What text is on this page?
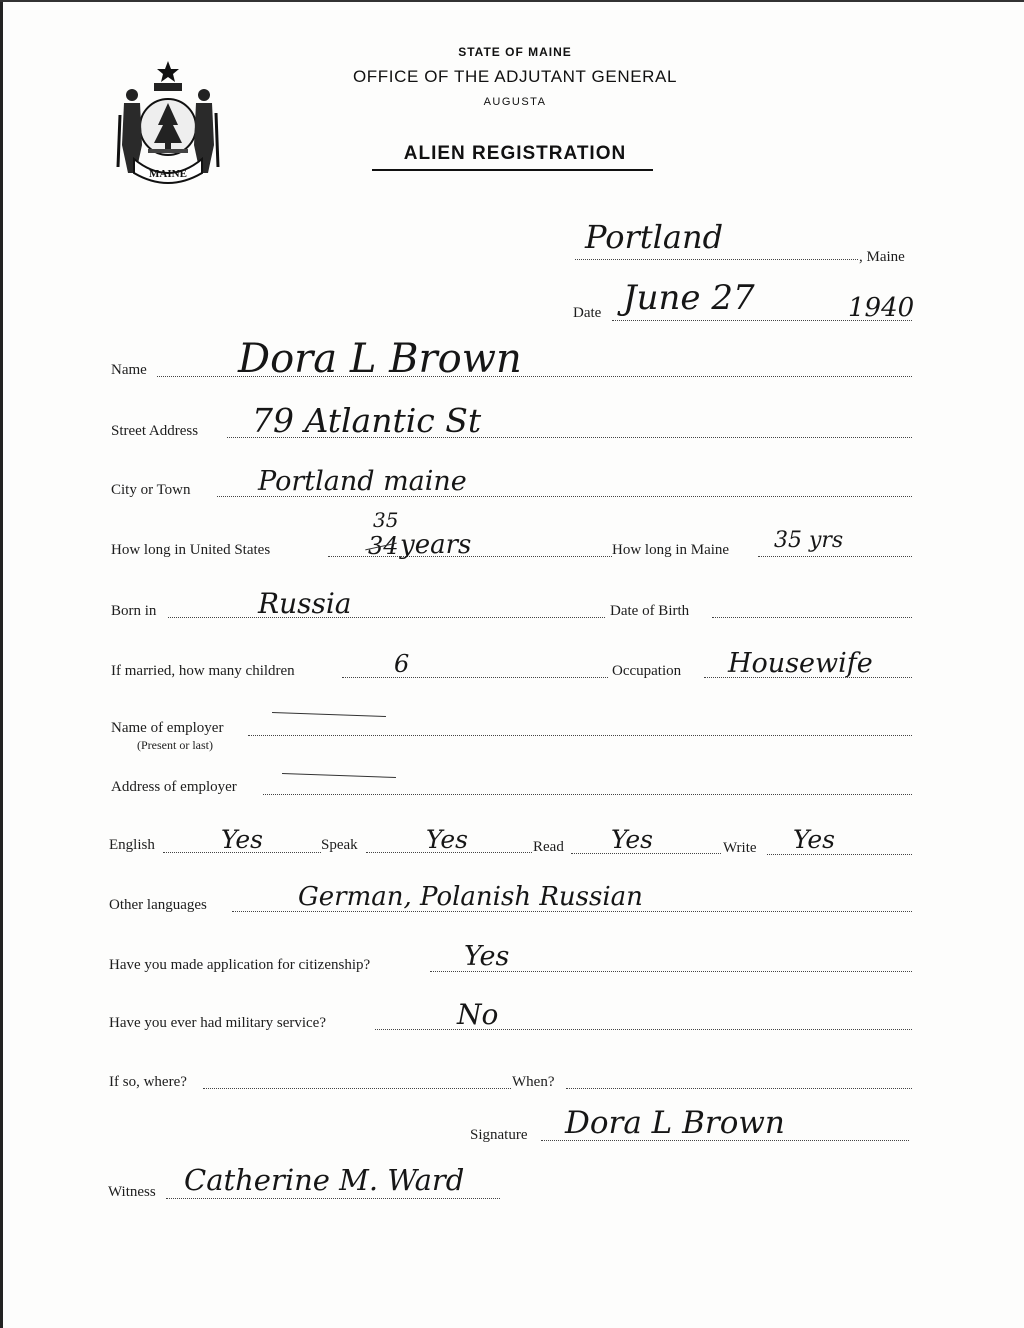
MAINE
STATE OF MAINE
OFFICE OF THE ADJUTANT GENERAL
AUGUSTA
ALIEN REGISTRATION
Portland
, Maine
Date June 27	1940
Name Dora L Brown
Street Address 79 Atlantic St
City or Town Portland maine
How long in United States
35
34 years	How long in Maine 35 yrs
Born in	Russia	Date of Birth
If married, how many children	6	Occupation Housewife
Name of employer
(Present or last)
Address of employer
English	Yes	Speak	Yes	Read Yes	Write Yes
Other languages	German, Polanish Russian
Have you made application for citizenship?	Yes
Have you ever had military service?	No
If so, where?	When?
Signature Dora L Brown
Witness Catherine M. Ward
